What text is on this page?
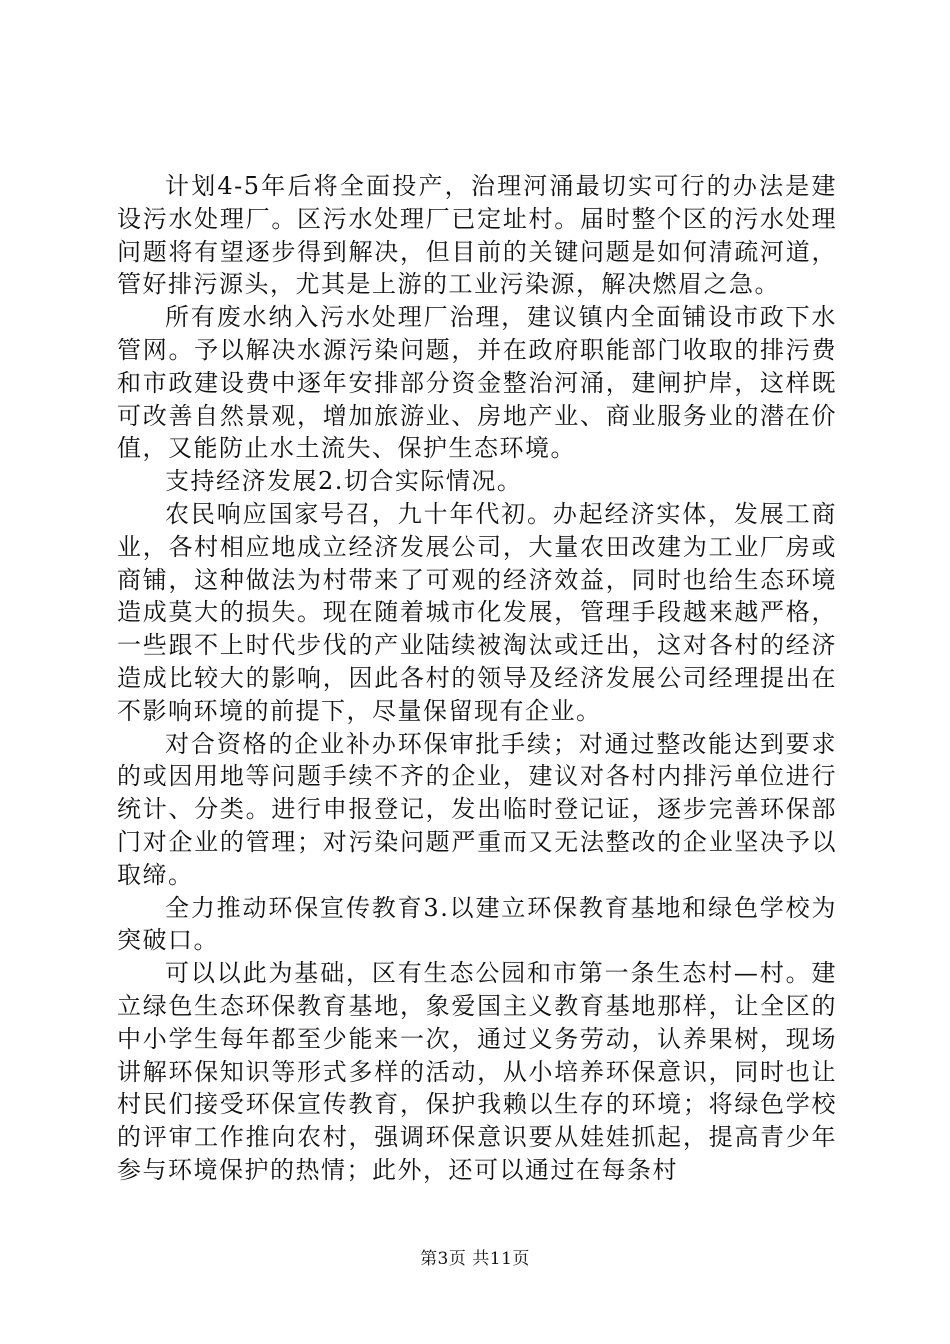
计划4-5年后将全面投产，治理河涌最切实可行的办法是建设污水处理厂。区污水处理厂已定址村。届时整个区的污水处理问题将有望逐步得到解决，但目前的关键问题是如何清疏河道，管好排污源头，尤其是上游的工业污染源，解决燃眉之急。

所有废水纳入污水处理厂治理，建议镇内全面铺设市政下水管网。予以解决水源污染问题，并在政府职能部门收取的排污费和市政建设费中逐年安排部分资金整治河涌，建闸护岸，这样既可改善自然景观，增加旅游业、房地产业、商业服务业的潜在价值，又能防止水土流失、保护生态环境。

支持经济发展2.切合实际情况。

农民响应国家号召，九十年代初。办起经济实体，发展工商业，各村相应地成立经济发展公司，大量农田改建为工业厂房或商铺，这种做法为村带来了可观的经济效益，同时也给生态环境造成莫大的损失。现在随着城市化发展，管理手段越来越严格，一些跟不上时代步伐的产业陆续被淘汰或迁出，这对各村的经济造成比较大的影响，因此各村的领导及经济发展公司经理提出在不影响环境的前提下，尽量保留现有企业。

对合资格的企业补办环保审批手续；对通过整改能达到要求的或因用地等问题手续不齐的企业，建议对各村内排污单位进行统计、分类。进行申报登记，发出临时登记证，逐步完善环保部门对企业的管理；对污染问题严重而又无法整改的企业坚决予以取缔。

全力推动环保宣传教育3.以建立环保教育基地和绿色学校为突破口。

可以以此为基础，区有生态公园和市第一条生态村—村。建立绿色生态环保教育基地，象爱国主义教育基地那样，让全区的中小学生每年都至少能来一次，通过义务劳动，认养果树，现场讲解环保知识等形式多样的活动，从小培养环保意识，同时也让村民们接受环保宣传教育，保护我赖以生存的环境；将绿色学校的评审工作推向农村，强调环保意识要从娃娃抓起，提高青少年参与环境保护的热情；此外，还可以通过在每条村

第3页 共11页
